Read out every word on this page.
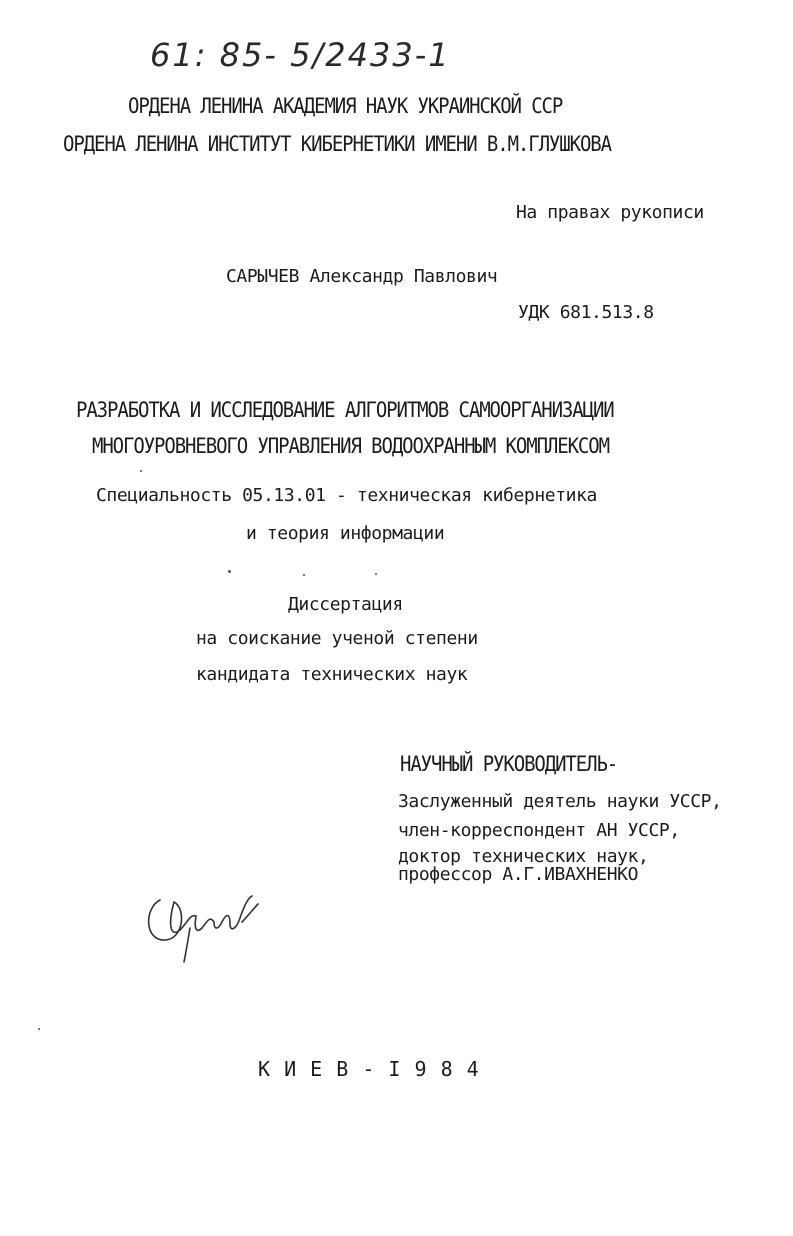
61: 85- 5/2433-1
ОРДЕНА ЛЕНИНА АКАДЕМИЯ НАУК УКРАИНСКОЙ ССР
ОРДЕНА ЛЕНИНА ИНСТИТУТ КИБЕРНЕТИКИ ИМЕНИ В.М.ГЛУШКОВА
На правах рукописи
САРЫЧЕВ Александр Павлович
УДК 681.513.8
РАЗРАБОТКА И ИССЛЕДОВАНИЕ АЛГОРИТМОВ САМООРГАНИЗАЦИИ
МНОГОУРОВНЕВОГО УПРАВЛЕНИЯ ВОДООХРАННЫМ КОМПЛЕКСОМ
Специальность 05.13.01 - техническая кибернетика
и теория информации
Диссертация
на соискание ученой степени
кандидата технических наук
НАУЧНЫЙ РУКОВОДИТЕЛЬ-
Заслуженный деятель науки УССР,
член-корреспондент АН УССР,
доктор технических наук,
профессор А.Г.ИВАХНЕНКО
К И Е В - I 9 8 4
